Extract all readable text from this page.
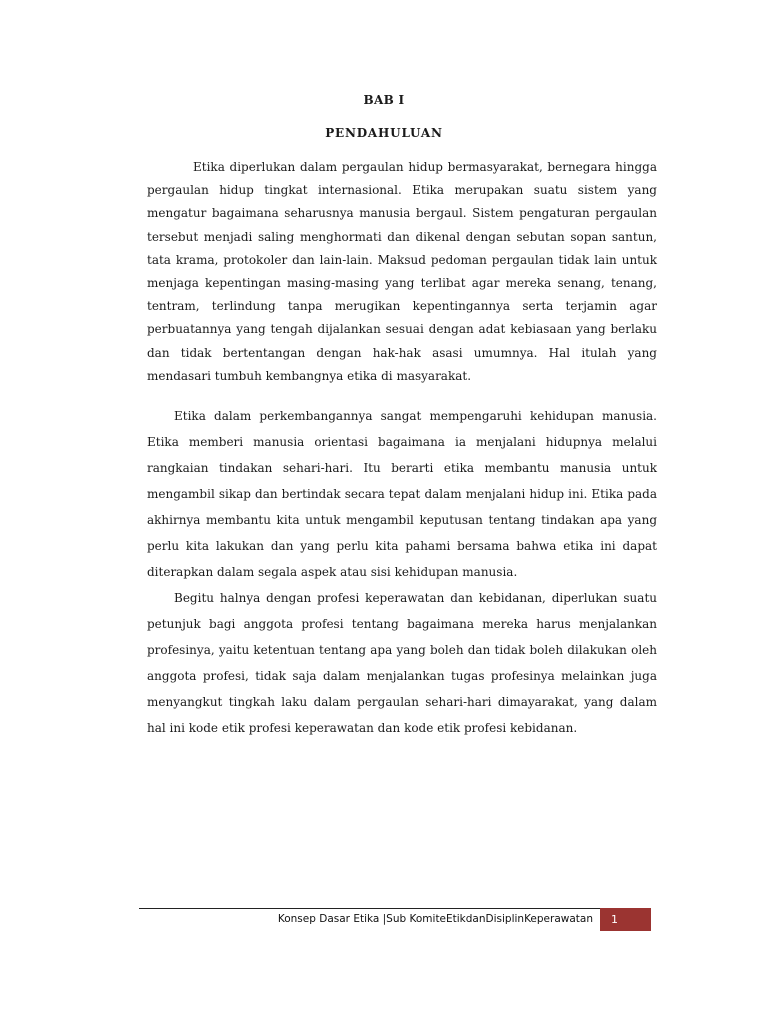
BAB I
PENDAHULUAN

Etika diperlukan dalam pergaulan hidup bermasyarakat, bernegara hingga pergaulan hidup tingkat internasional. Etika merupakan suatu sistem yang mengatur bagaimana seharusnya manusia bergaul. Sistem pengaturan pergaulan tersebut menjadi saling menghormati dan dikenal dengan sebutan sopan santun, tata krama, protokoler dan lain-lain. Maksud pedoman pergaulan tidak lain untuk menjaga kepentingan masing-masing yang terlibat agar mereka senang, tenang, tentram, terlindung tanpa merugikan kepentingannya serta terjamin agar perbuatannya yang tengah dijalankan sesuai dengan adat kebiasaan yang berlaku dan tidak bertentangan dengan hak-hak asasi umumnya. Hal itulah yang mendasari tumbuh kembangnya etika di masyarakat.

Etika dalam perkembangannya sangat mempengaruhi kehidupan manusia. Etika memberi manusia orientasi bagaimana ia menjalani hidupnya melalui rangkaian tindakan sehari-hari. Itu berarti etika membantu manusia untuk mengambil sikap dan bertindak secara tepat dalam menjalani hidup ini. Etika pada akhirnya membantu kita untuk mengambil keputusan tentang tindakan apa yang perlu kita lakukan dan yang perlu kita pahami bersama bahwa etika ini dapat diterapkan dalam segala aspek atau sisi kehidupan manusia.

Begitu halnya dengan profesi keperawatan dan kebidanan, diperlukan suatu petunjuk bagi anggota profesi tentang bagaimana mereka harus menjalankan profesinya, yaitu ketentuan tentang apa yang boleh dan tidak boleh dilakukan oleh anggota profesi, tidak saja dalam menjalankan tugas profesinya melainkan juga menyangkut tingkah laku dalam pergaulan sehari-hari dimayarakat, yang dalam hal ini kode etik profesi keperawatan dan kode etik profesi kebidanan.

Konsep Dasar Etika |Sub KomiteEtikdanDisiplinKeperawatan	1
